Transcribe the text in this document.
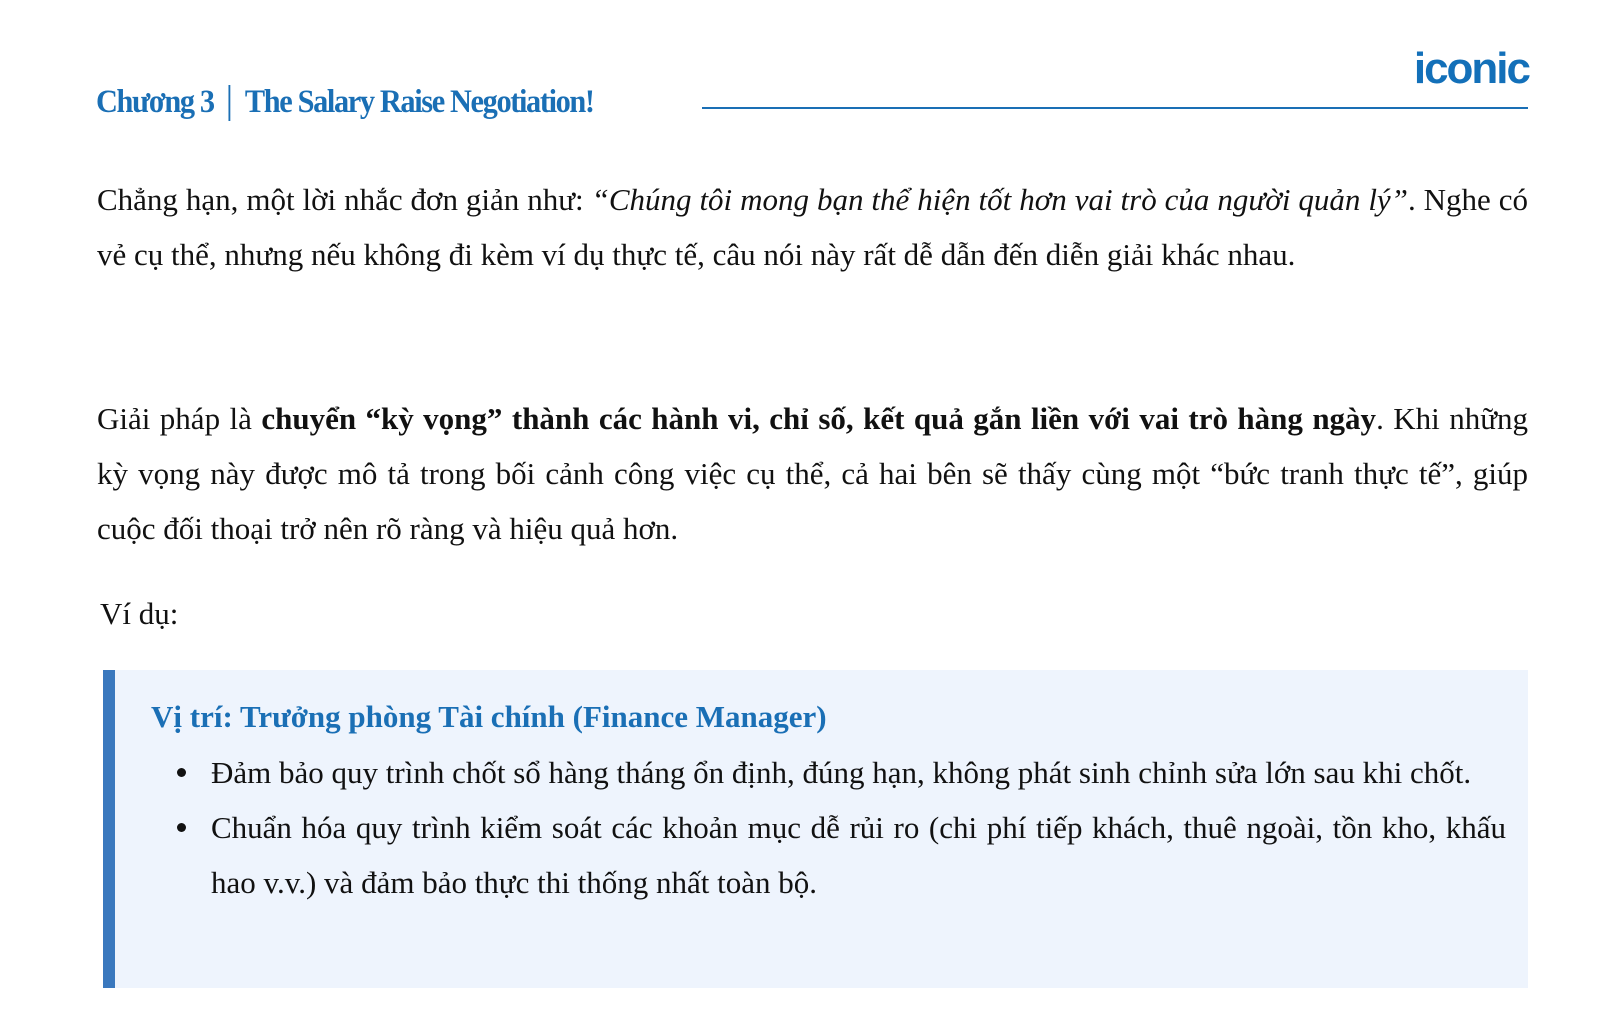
iconic
Chương 3 The Salary Raise Negotiation!

Chẳng hạn, một lời nhắc đơn giản như: “Chúng tôi mong bạn thể hiện tốt hơn vai trò của người quản lý”. Nghe có vẻ cụ thể, nhưng nếu không đi kèm ví dụ thực tế, câu nói này rất dễ dẫn đến diễn giải khác nhau.

Giải pháp là chuyển “kỳ vọng” thành các hành vi, chỉ số, kết quả gắn liền với vai trò hàng ngày. Khi những kỳ vọng này được mô tả trong bối cảnh công việc cụ thể, cả hai bên sẽ thấy cùng một “bức tranh thực tế”, giúp cuộc đối thoại trở nên rõ ràng và hiệu quả hơn.

Ví dụ:
Vị trí: Trưởng phòng Tài chính (Finance Manager)
Đảm bảo quy trình chốt sổ hàng tháng ổn định, đúng hạn, không phát sinh chỉnh sửa lớn sau khi chốt.
Chuẩn hóa quy trình kiểm soát các khoản mục dễ rủi ro (chi phí tiếp khách, thuê ngoài, tồn kho, khấu hao v.v.) và đảm bảo thực thi thống nhất toàn bộ.
